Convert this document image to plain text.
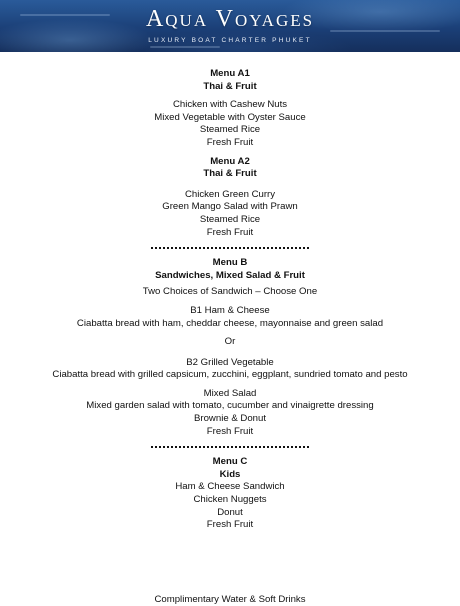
Aqua Voyages
LUXURY BOAT CHARTER PHUKET
Menu A1
Thai & Fruit
Chicken with Cashew Nuts
Mixed Vegetable with Oyster Sauce
Steamed Rice
Fresh Fruit
Menu A2
Thai & Fruit
Chicken Green Curry
Green Mango Salad with Prawn
Steamed Rice
Fresh Fruit
Menu B
Sandwiches, Mixed Salad & Fruit
Two Choices of Sandwich – Choose One
B1 Ham & Cheese
Ciabatta bread with ham, cheddar cheese, mayonnaise and green salad
Or
B2 Grilled Vegetable
Ciabatta bread with grilled capsicum, zucchini, eggplant, sundried tomato and pesto
Mixed Salad
Mixed garden salad with tomato, cucumber and vinaigrette dressing
Brownie & Donut
Fresh Fruit
Menu C
Kids
Ham & Cheese Sandwich
Chicken Nuggets
Donut
Fresh Fruit
Complimentary Water & Soft Drinks
